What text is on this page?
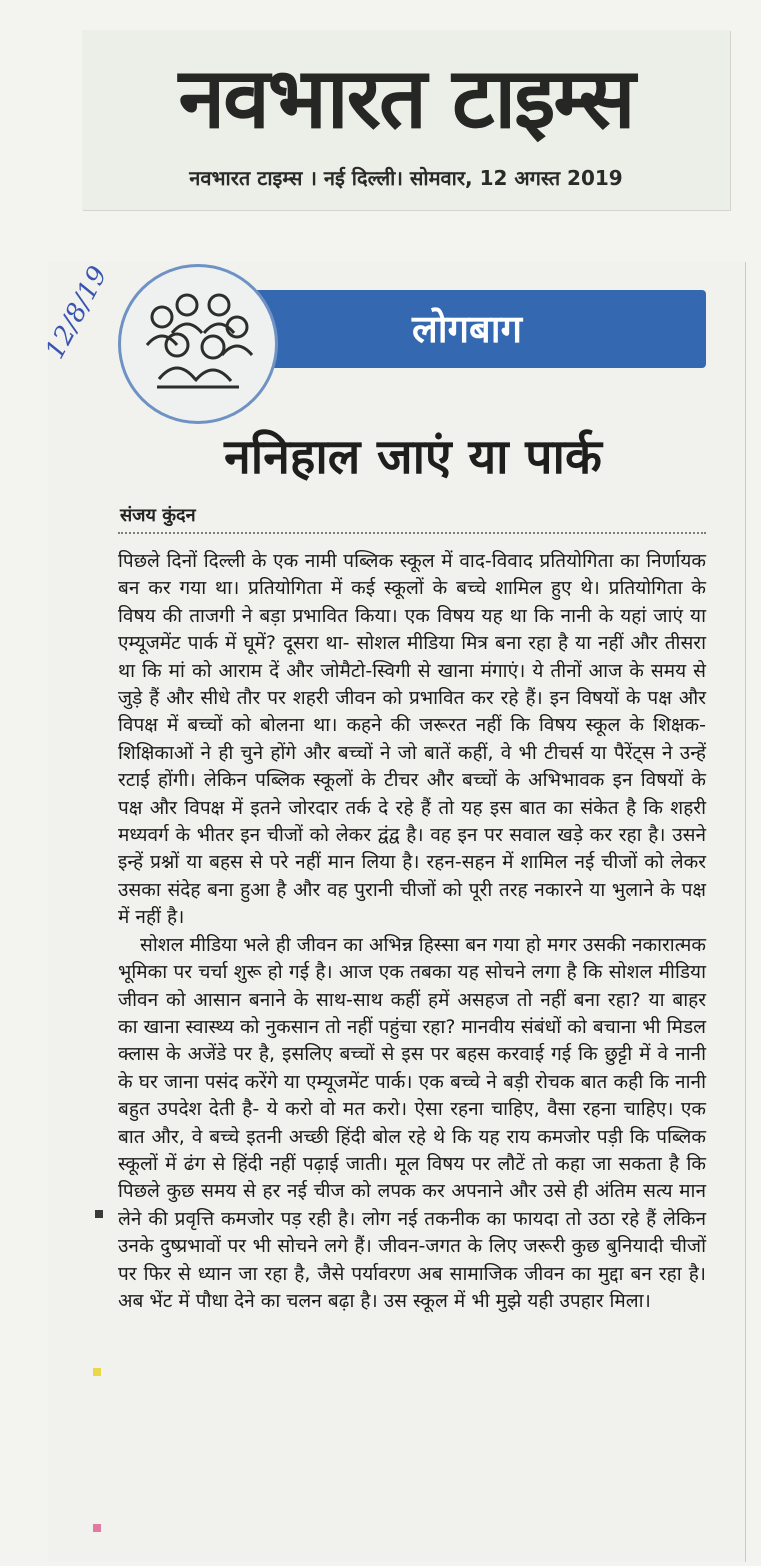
नवभारत टाइम्स
नवभारत टाइम्स । नई दिल्ली। सोमवार, 12 अगस्त 2019
लोगबाग
12/8/19
ननिहाल जाएं या पार्क
संजय कुंदन

पिछले दिनों दिल्ली के एक नामी पब्लिक स्कूल में वाद-विवाद प्रतियोगिता का निर्णायक बन कर गया था। प्रतियोगिता में कई स्कूलों के बच्चे शामिल हुए थे। प्रतियोगिता के विषय की ताजगी ने बड़ा प्रभावित किया। एक विषय यह था कि नानी के यहां जाएं या एम्यूजमेंट पार्क में घूमें? दूसरा था- सोशल मीडिया मित्र बना रहा है या नहीं और तीसरा था कि मां को आराम दें और जोमैटो-स्विगी से खाना मंगाएं। ये तीनों आज के समय से जुड़े हैं और सीधे तौर पर शहरी जीवन को प्रभावित कर रहे हैं। इन विषयों के पक्ष और विपक्ष में बच्चों को बोलना था। कहने की जरूरत नहीं कि विषय स्कूल के शिक्षक-शिक्षिकाओं ने ही चुने होंगे और बच्चों ने जो बातें कहीं, वे भी टीचर्स या पैरेंट्स ने उन्हें रटाई होंगी। लेकिन पब्लिक स्कूलों के टीचर और बच्चों के अभिभावक इन विषयों के पक्ष और विपक्ष में इतने जोरदार तर्क दे रहे हैं तो यह इस बात का संकेत है कि शहरी मध्यवर्ग के भीतर इन चीजों को लेकर द्वंद्व है। वह इन पर सवाल खड़े कर रहा है। उसने इन्हें प्रश्नों या बहस से परे नहीं मान लिया है। रहन-सहन में शामिल नई चीजों को लेकर उसका संदेह बना हुआ है और वह पुरानी चीजों को पूरी तरह नकारने या भुलाने के पक्ष में नहीं है।

सोशल मीडिया भले ही जीवन का अभिन्न हिस्सा बन गया हो मगर उसकी नकारात्मक भूमिका पर चर्चा शुरू हो गई है। आज एक तबका यह सोचने लगा है कि सोशल मीडिया जीवन को आसान बनाने के साथ-साथ कहीं हमें असहज तो नहीं बना रहा? या बाहर का खाना स्वास्थ्य को नुकसान तो नहीं पहुंचा रहा? मानवीय संबंधों को बचाना भी मिडल क्लास के अजेंडे पर है, इसलिए बच्चों से इस पर बहस करवाई गई कि छुट्टी में वे नानी के घर जाना पसंद करेंगे या एम्यूजमेंट पार्क। एक बच्चे ने बड़ी रोचक बात कही कि नानी बहुत उपदेश देती है- ये करो वो मत करो। ऐसा रहना चाहिए, वैसा रहना चाहिए। एक बात और, वे बच्चे इतनी अच्छी हिंदी बोल रहे थे कि यह राय कमजोर पड़ी कि पब्लिक स्कूलों में ढंग से हिंदी नहीं पढ़ाई जाती। मूल विषय पर लौटें तो कहा जा सकता है कि पिछले कुछ समय से हर नई चीज को लपक कर अपनाने और उसे ही अंतिम सत्य मान लेने की प्रवृत्ति कमजोर पड़ रही है। लोग नई तकनीक का फायदा तो उठा रहे हैं लेकिन उनके दुष्प्रभावों पर भी सोचने लगे हैं। जीवन-जगत के लिए जरूरी कुछ बुनियादी चीजों पर फिर से ध्यान जा रहा है, जैसे पर्यावरण अब सामाजिक जीवन का मुद्दा बन रहा है। अब भेंट में पौधा देने का चलन बढ़ा है। उस स्कूल में भी मुझे यही उपहार मिला।
